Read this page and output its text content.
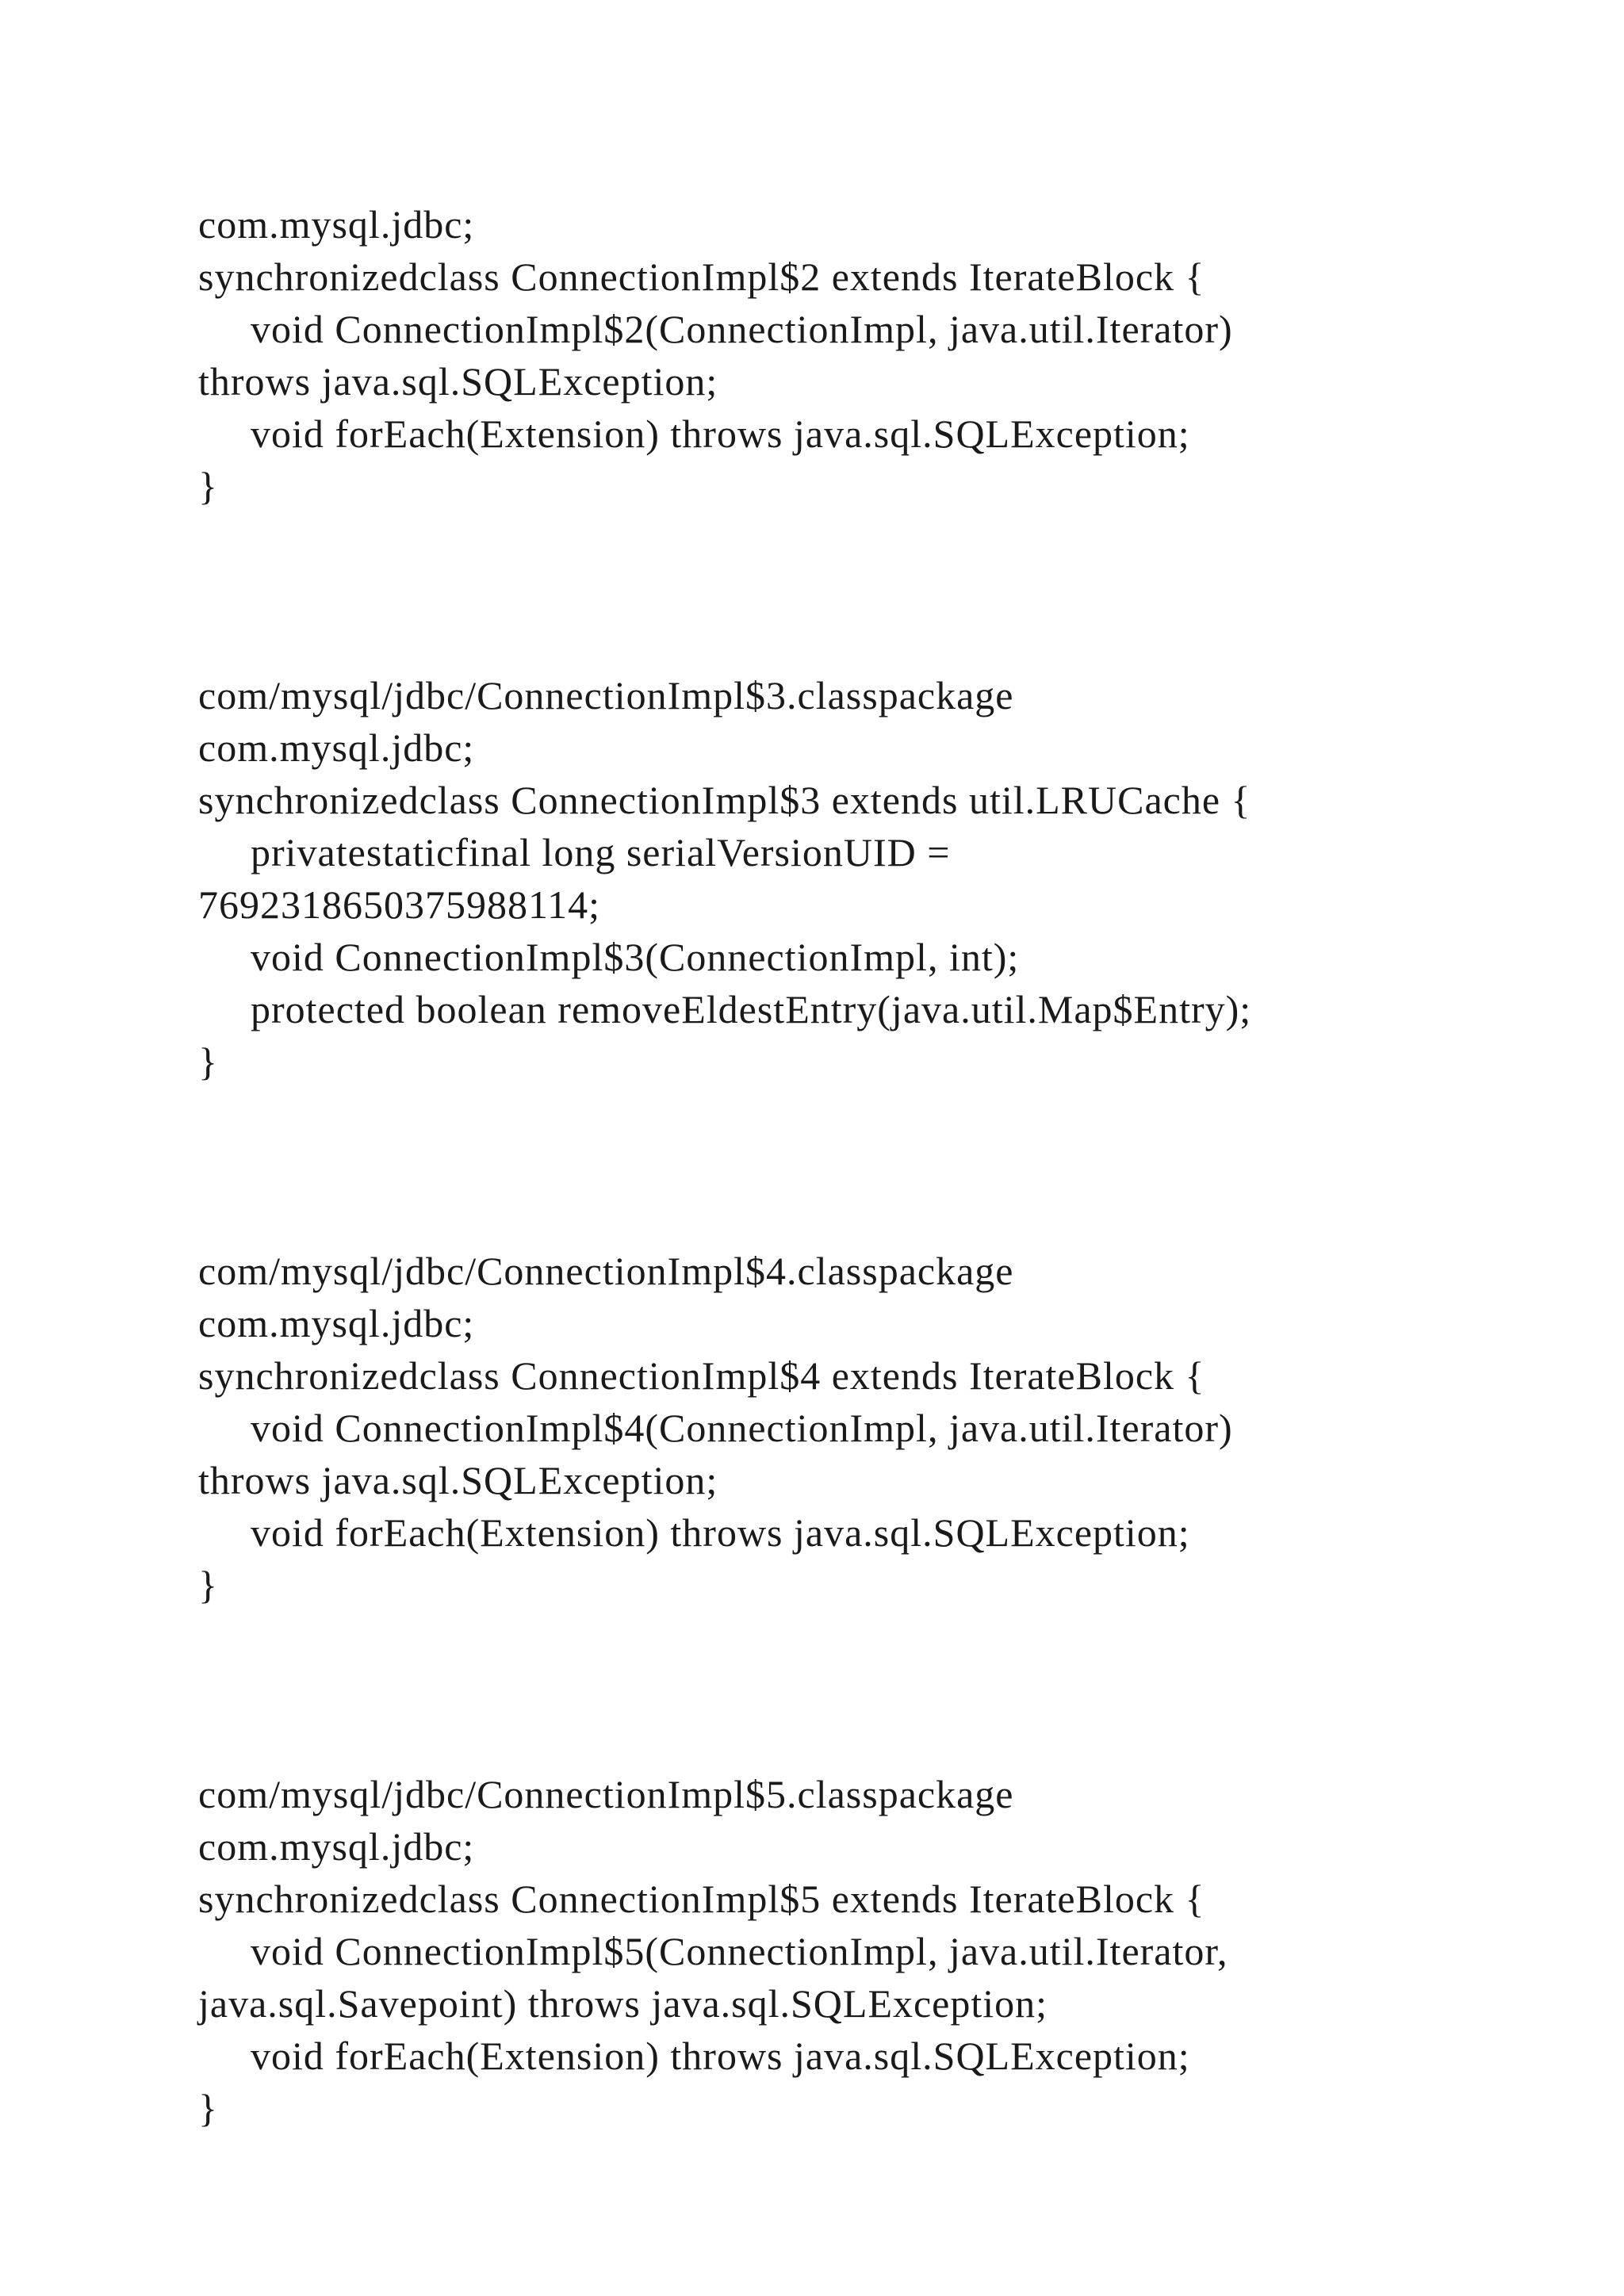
com.mysql.jdbc;
synchronizedclass ConnectionImpl$2 extends IterateBlock {
void ConnectionImpl$2(ConnectionImpl, java.util.Iterator)
throws java.sql.SQLException;
void forEach(Extension) throws java.sql.SQLException;
}
com/mysql/jdbc/ConnectionImpl$3.classpackage
com.mysql.jdbc;
synchronizedclass ConnectionImpl$3 extends util.LRUCache {
privatestaticfinal long serialVersionUID =
7692318650375988114;
void ConnectionImpl$3(ConnectionImpl, int);
protected boolean removeEldestEntry(java.util.Map$Entry);
}
com/mysql/jdbc/ConnectionImpl$4.classpackage
com.mysql.jdbc;
synchronizedclass ConnectionImpl$4 extends IterateBlock {
void ConnectionImpl$4(ConnectionImpl, java.util.Iterator)
throws java.sql.SQLException;
void forEach(Extension) throws java.sql.SQLException;
}
com/mysql/jdbc/ConnectionImpl$5.classpackage
com.mysql.jdbc;
synchronizedclass ConnectionImpl$5 extends IterateBlock {
void ConnectionImpl$5(ConnectionImpl, java.util.Iterator,
java.sql.Savepoint) throws java.sql.SQLException;
void forEach(Extension) throws java.sql.SQLException;
}
